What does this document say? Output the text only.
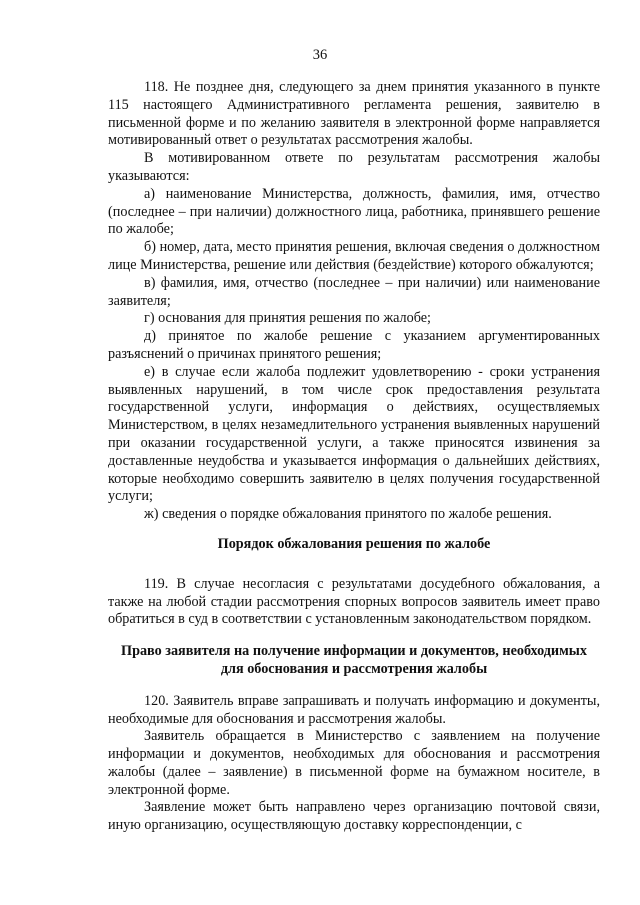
36

118. Не позднее дня, следующего за днем принятия указанного в пункте 115 настоящего Административного регламента решения, заявителю в письменной форме и по желанию заявителя в электронной форме направляется мотивированный ответ о результатах рассмотрения жалобы.

В мотивированном ответе по результатам рассмотрения жалобы указываются:

а) наименование Министерства, должность, фамилия, имя, отчество (последнее – при наличии) должностного лица, работника, принявшего решение по жалобе;

б) номер, дата, место принятия решения, включая сведения о должностном лице Министерства, решение или действия (бездействие) которого обжалуются;

в) фамилия, имя, отчество (последнее – при наличии) или наименование заявителя;

г) основания для принятия решения по жалобе;

д) принятое по жалобе решение с указанием аргументированных разъяснений о причинах принятого решения;

е) в случае если жалоба подлежит удовлетворению - сроки устранения выявленных нарушений, в том числе срок предоставления результата государственной услуги, информация о действиях, осуществляемых Министерством, в целях незамедлительного устранения выявленных нарушений при оказании государственной услуги, а также приносятся извинения за доставленные неудобства и указывается информация о дальнейших действиях, которые необходимо совершить заявителю в целях получения государственной услуги;

ж) сведения о порядке обжалования принятого по жалобе решения.

Порядок обжалования решения по жалобе

119. В случае несогласия с результатами досудебного обжалования, а также на любой стадии рассмотрения спорных вопросов заявитель имеет право обратиться в суд в соответствии с установленным законодательством порядком.

Право заявителя на получение информации и документов, необходимых для обоснования и рассмотрения жалобы

120. Заявитель вправе запрашивать и получать информацию и документы, необходимые для обоснования и рассмотрения жалобы.

Заявитель обращается в Министерство с заявлением на получение информации и документов, необходимых для обоснования и рассмотрения жалобы (далее – заявление) в письменной форме на бумажном носителе, в электронной форме.

Заявление может быть направлено через организацию почтовой связи, иную организацию, осуществляющую доставку корреспонденции, с
